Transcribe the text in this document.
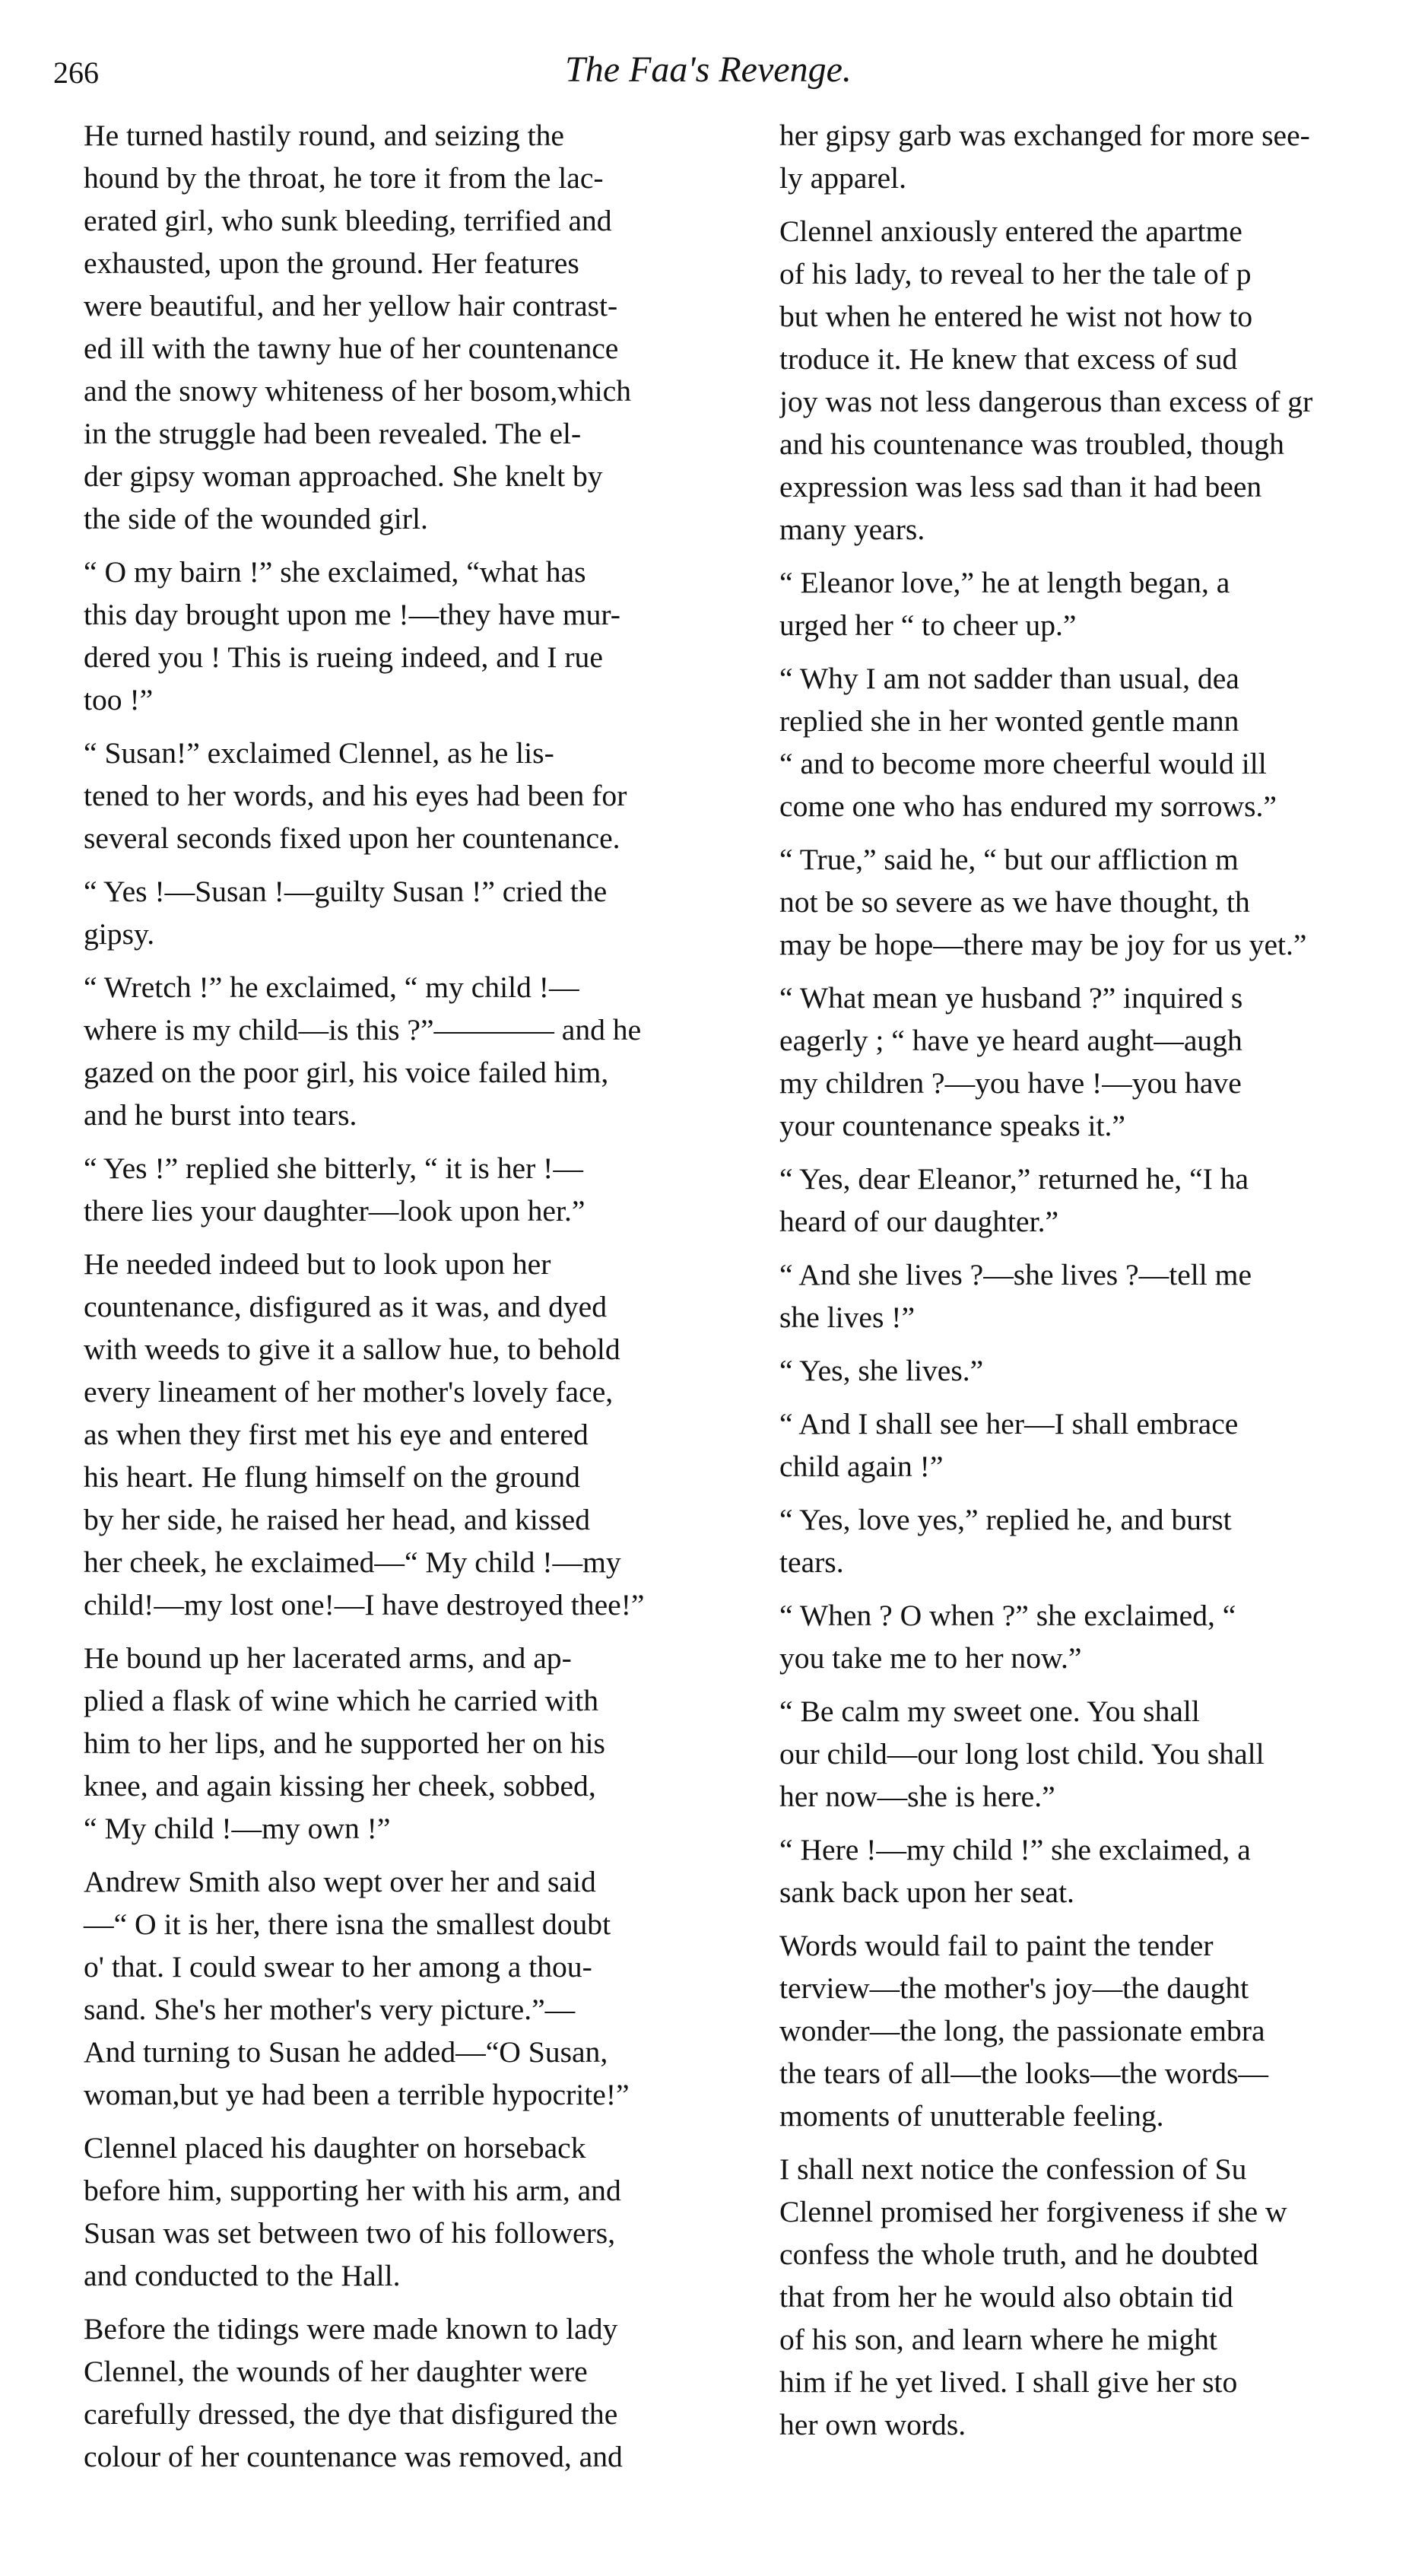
266	The Faa's Revenge.

He turned hastily round, and seizing the
hound by the throat, he tore it from the lac-
erated girl, who sunk bleeding, terrified and
exhausted, upon the ground. Her features
were beautiful, and her yellow hair contrast-
ed ill with the tawny hue of her countenance
and the snowy whiteness of her bosom,which
in the struggle had been revealed. The el-
der gipsy woman approached. She knelt by
the side of the wounded girl.

“ O my bairn !” she exclaimed, “what has
this day brought upon me !—they have mur-
dered you ! This is rueing indeed, and I rue
too !”

“ Susan!” exclaimed Clennel, as he lis-
tened to her words, and his eyes had been for
several seconds fixed upon her countenance.

“ Yes !—Susan !—guilty Susan !” cried the
gipsy.

“ Wretch !” he exclaimed, “ my child !—
where is my child—is this ?”———— and he
gazed on the poor girl, his voice failed him,
and he burst into tears.

“ Yes !” replied she bitterly, “ it is her !—
there lies your daughter—look upon her.”

He needed indeed but to look upon her
countenance, disfigured as it was, and dyed
with weeds to give it a sallow hue, to behold
every lineament of her mother's lovely face,
as when they first met his eye and entered
his heart. He flung himself on the ground
by her side, he raised her head, and kissed
her cheek, he exclaimed—“ My child !—my
child!—my lost one!—I have destroyed thee!”

He bound up her lacerated arms, and ap-
plied a flask of wine which he carried with
him to her lips, and he supported her on his
knee, and again kissing her cheek, sobbed,
“ My child !—my own !”

Andrew Smith also wept over her and said
—“ O it is her, there isna the smallest doubt
o' that. I could swear to her among a thou-
sand. She's her mother's very picture.”—
And turning to Susan he added—“O Susan,
woman,but ye had been a terrible hypocrite!”

Clennel placed his daughter on horseback
before him, supporting her with his arm, and
Susan was set between two of his followers,
and conducted to the Hall.

Before the tidings were made known to lady
Clennel, the wounds of her daughter were
carefully dressed, the dye that disfigured the
colour of her countenance was removed, and

her gipsy garb was exchanged for more see-
ly apparel.

Clennel anxiously entered the apartme
of his lady, to reveal to her the tale of p
but when he entered he wist not how to
troduce it. He knew that excess of sud
joy was not less dangerous than excess of gr
and his countenance was troubled, though
expression was less sad than it had been
many years.

“ Eleanor love,” he at length began, a
urged her “ to cheer up.”

“ Why I am not sadder than usual, dea
replied she in her wonted gentle mann
“ and to become more cheerful would ill
come one who has endured my sorrows.”

“ True,” said he, “ but our affliction m
not be so severe as we have thought, th
may be hope—there may be joy for us yet.”

“ What mean ye husband ?” inquired s
eagerly ; “ have ye heard aught—augh
my children ?—you have !—you have
your countenance speaks it.”

“ Yes, dear Eleanor,” returned he, “I ha
heard of our daughter.”

“ And she lives ?—she lives ?—tell me
she lives !”

“ Yes, she lives.”

“ And I shall see her—I shall embrace
child again !”

“ Yes, love yes,” replied he, and burst
tears.

“ When ? O when ?” she exclaimed, “
you take me to her now.”

“ Be calm my sweet one. You shall
our child—our long lost child. You shall
her now—she is here.”

“ Here !—my child !” she exclaimed, a
sank back upon her seat.

Words would fail to paint the tender
terview—the mother's joy—the daught
wonder—the long, the passionate embra
the tears of all—the looks—the words—
moments of unutterable feeling.

I shall next notice the confession of Su
Clennel promised her forgiveness if she w
confess the whole truth, and he doubted
that from her he would also obtain tid
of his son, and learn where he might
him if he yet lived. I shall give her sto
her own words.
